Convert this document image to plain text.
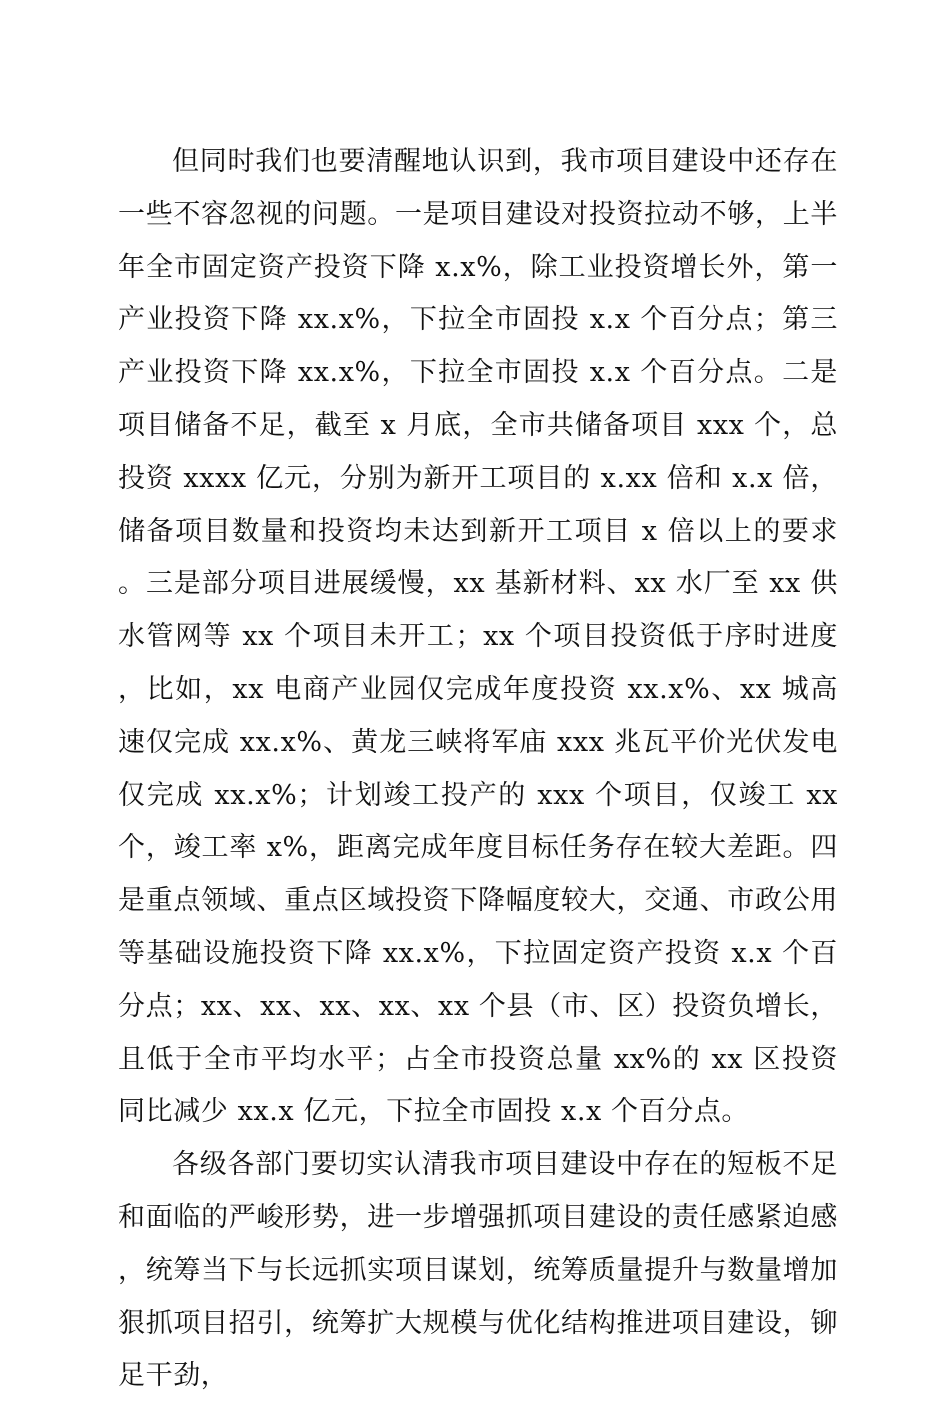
但同时我们也要清醒地认识到，我市项目建设中还存在一些不容忽视的问题。一是项目建设对投资拉动不够，上半年全市固定资产投资下降 x.x%，除工业投资增长外，第一产业投资下降 xx.x%，下拉全市固投 x.x 个百分点；第三产业投资下降 xx.x%，下拉全市固投 x.x 个百分点。二是项目储备不足，截至 x 月底，全市共储备项目 xxx 个，总投资 xxxx 亿元，分别为新开工项目的 x.xx 倍和 x.x 倍，储备项目数量和投资均未达到新开工项目 x 倍以上的要求。三是部分项目进展缓慢，xx 基新材料、xx 水厂至 xx 供水管网等 xx 个项目未开工；xx 个项目投资低于序时进度，比如，xx 电商产业园仅完成年度投资 xx.x%、xx 城高速仅完成 xx.x%、黄龙三峡将军庙 xxx 兆瓦平价光伏发电仅完成 xx.x%；计划竣工投产的 xxx 个项目，仅竣工 xx 个，竣工率 x%，距离完成年度目标任务存在较大差距。四是重点领域、重点区域投资下降幅度较大，交通、市政公用等基础设施投资下降 xx.x%，下拉固定资产投资 x.x 个百分点；xx、xx、xx、xx、xx 个县（市、区）投资负增长，且低于全市平均水平；占全市投资总量 xx%的 xx 区投资同比减少 xx.x 亿元，下拉全市固投 x.x 个百分点。

各级各部门要切实认清我市项目建设中存在的短板不足和面临的严峻形势，进一步增强抓项目建设的责任感紧迫感，统筹当下与长远抓实项目谋划，统筹质量提升与数量增加狠抓项目招引，统筹扩大规模与优化结构推进项目建设，铆足干劲，
